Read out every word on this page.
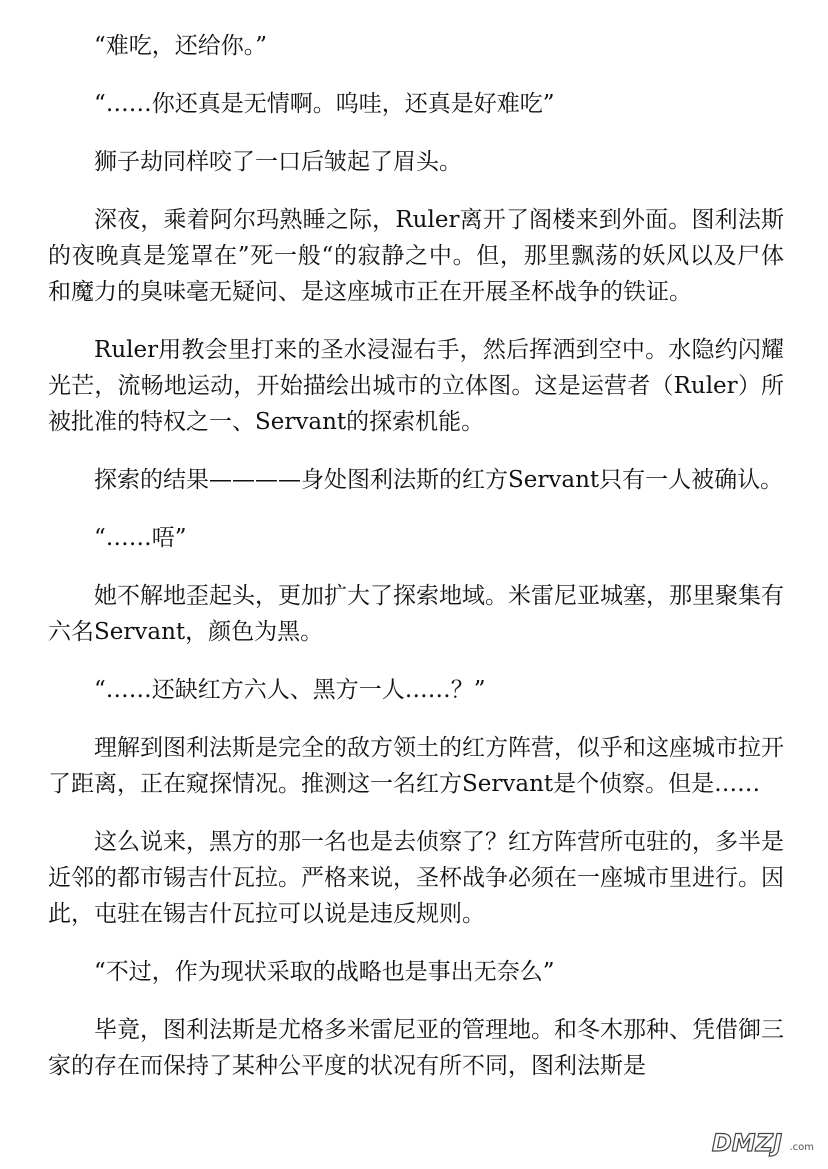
“难吃，还给你。”

“……你还真是无情啊。呜哇，还真是好难吃”

狮子劫同样咬了一口后皱起了眉头。

深夜，乘着阿尔玛熟睡之际，Ruler离开了阁楼来到外面。图利法斯的夜晚真是笼罩在”死一般“的寂静之中。但，那里飘荡的妖风以及尸体和魔力的臭味毫无疑问、是这座城市正在开展圣杯战争的铁证。

Ruler用教会里打来的圣水浸湿右手，然后挥洒到空中。水隐约闪耀光芒，流畅地运动，开始描绘出城市的立体图。这是运营者（Ruler）所被批准的特权之一、Servant的探索机能。

探索的结果————身处图利法斯的红方Servant只有一人被确认。

“……唔”

她不解地歪起头，更加扩大了探索地域。米雷尼亚城塞，那里聚集有六名Servant，颜色为黑。

“……还缺红方六人、黑方一人……？”

理解到图利法斯是完全的敌方领土的红方阵营，似乎和这座城市拉开了距离，正在窥探情况。推测这一名红方Servant是个侦察。但是……

这么说来，黑方的那一名也是去侦察了？红方阵营所屯驻的，多半是近邻的都市锡吉什瓦拉。严格来说，圣杯战争必须在一座城市里进行。因此，屯驻在锡吉什瓦拉可以说是违反规则。

“不过，作为现状采取的战略也是事出无奈么”

毕竟，图利法斯是尤格多米雷尼亚的管理地。和冬木那种、凭借御三家的存在而保持了某种公平度的状况有所不同，图利法斯是

DMZJ .com
